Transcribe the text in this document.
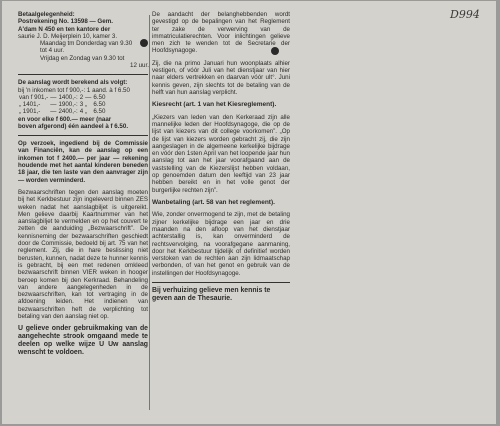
D994
Betaalgelegenheid:
Postrekening No. 13598 — Gem.
A'dam N 450 en ten kantore der
saurie J. D. Meijerplein 10, kamer 3.
Maandag tm Donderdag van 9.30
tot 4 uur.
Vrijdag en Zondag van 9.30 tot
12 uur.
De aanslag wordt berekend als volgt:
bij 'n inkomen tot f 900,-: 1 aand. à f 6.50
van f 901,-	—	1400,-:	2	—	6.50
„ 1401,-	—	1900,-:	3	„	6.50
„ 1901,-	—	2400,-:	4	„	6.50
en voor elke f 600.— meer (naar
boven afgerond) één aandeel à f 6.50.
Op verzoek, ingediend bij de Commissie van Financiën, kan de aanslag op een inkomen tot f 2400.— per jaar — rekening houdende met het aantal kinderen beneden 18 jaar, die ten laste van den aanvrager zijn — worden verminderd.
Bezwaarschriften tegen den aanslag moeten bij het Kerkbestuur zijn ingeleverd binnen ZES weken nadat het aanslagbiljet is uitgereikt. Men gelieve daarbij Kaartnummer van het aanslagbiljet te vermelden en op het couvert te zetten de aanduiding „Bezwaarschrift”. De kennisneming der bezwaarschriften geschiedt door de Commissie, bedoeld bij art. 75 van het reglement. Zij, die in hare beslissing niet berusten, kunnen, nadat deze te hunner kennis is gebracht, bij een met redenen omkleed bezwaarschrift binnen VIER weken in hooger beroep komen bij den Kerkraad. Behandeling van andere aangelegenheden in de bezwaarschriften, kan tot vertraging in de afdoening leiden. Het indienen van bezwaarschriften heft de verplichting tot betaling van den aanslag niet op.
U gelieve onder gebruikmaking van de aangehechte strook omgaand mede te deelen op welke wijze U Uw aanslag wenscht te voldoen.
De aandacht der belanghebbenden wordt gevestigd op de bepalingen van het Reglement ter zake de verwerving van de immatriculatierechten. Voor inlichtingen gelieve men zich te wenden tot de Secretarie der Hoofdsynagoge.
Zij, die na primo Januari hun woonplaats alhier vestigen, of vóór Juli van het dienstjaar van hier naar elders vertrekken en daarvan vóór ult°. Juni kennis geven, zijn slechts tot de betaling van de helft van hun aanslag verplicht.
Kiesrecht (art. 1 van het Kiesreglement).
„Kiezers van leden van den Kerkeraad zijn alle mannelijke leden der Hoofdsynagoge, die op de lijst van kiezers van dit college voorkomen”. „Op de lijst van kiezers worden gebracht zij, die zijn aangeslagen in de algemeene kerkelijke bijdrage en vóór den 1sten April van het loopende jaar hun aanslag tot aan het jaar voorafgaand aan de vaststelling van de Kiezerslijst hebben voldaan, op genoemden datum den leeftijd van 23 jaar hebben bereikt en in het volle genot der burgerlijke rechten zijn”.
Wanbetaling (art. 58 van het reglement).
Wie, zonder onvermogend te zijn, met de betaling zijner kerkelijke bijdrage een jaar en drie maanden na den afloop van het dienstjaar achterstallig is, kan onverminderd de rechtsvervolging, na voorafgegane aanmaning, door het Kerkbestuur tijdelijk of definitief worden verstoken van de rechten aan zijn lidmaatschap verbonden, of van het genot en gebruik van de instellingen der Hoofdsynagoge.
Bij verhuizing gelieve men kennis te geven aan de Thesaurie.
